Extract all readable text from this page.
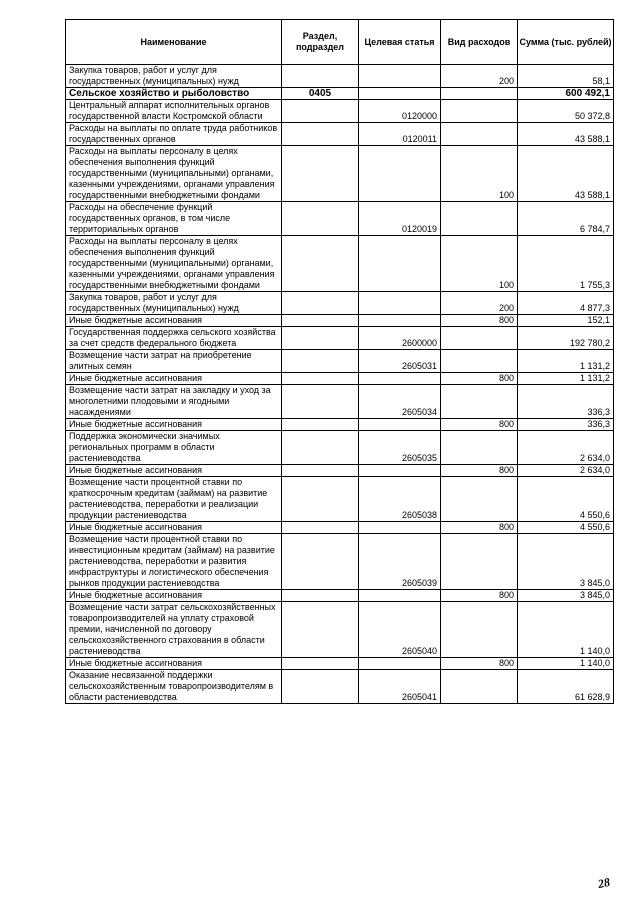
Наименование	Раздел, подраздел	Целевая статья	Вид расходов	Сумма (тыс. рублей)
Закупка товаров, работ и услуг для государственных (муниципальных) нужд			200	58,1
Сельское хозяйство и рыболовство	0405			600 492,1
Центральный аппарат исполнительных органов государственной власти Костромской области		0120000		50 372,8
Расходы на выплаты по оплате труда работников государственных органов		0120011		43 588,1
Расходы на выплаты персоналу в целях обеспечения выполнения функций государственными (муниципальными) органами, казенными учреждениями, органами управления государственными внебюджетными фондами			100	43 588,1
Расходы на обеспечение функций государственных органов, в том числе территориальных органов		0120019		6 784,7
Расходы на выплаты персоналу в целях обеспечения выполнения функций государственными (муниципальными) органами, казенными учреждениями, органами управления государственными внебюджетными фондами			100	1 755,3
Закупка товаров, работ и услуг для государственных (муниципальных) нужд			200	4 877,3
Иные бюджетные ассигнования			800	152,1
Государственная поддержка сельского хозяйства за счет средств федерального бюджета		2600000		192 780,2
Возмещение части затрат на приобретение элитных семян		2605031		1 131,2
Иные бюджетные ассигнования			800	1 131,2
Возмещение части затрат на закладку и уход за многолетними плодовыми и ягодными насаждениями		2605034		336,3
Иные бюджетные ассигнования			800	336,3
Поддержка экономически значимых региональных программ в области растениеводства		2605035		2 634,0
Иные бюджетные ассигнования			800	2 634,0
Возмещение части процентной ставки по краткосрочным кредитам (займам) на развитие растениеводства, переработки и реализации продукции растениеводства		2605038		4 550,6
Иные бюджетные ассигнования			800	4 550,6
Возмещение части процентной ставки по инвестиционным кредитам (займам) на развитие растениеводства, переработки и развития инфраструктуры и логистического обеспечения рынков продукции растениеводства		2605039		3 845,0
Иные бюджетные ассигнования			800	3 845,0
Возмещение части затрат сельскохозяйственных товаропроизводителей на уплату страховой премии, начисленной по договору сельскохозяйственного страхования в области растениеводства		2605040		1 140,0
Иные бюджетные ассигнования			800	1 140,0
Оказание несвязанной поддержки сельскохозяйственным товаропроизводителям в области растениеводства		2605041		61 628,9
28
